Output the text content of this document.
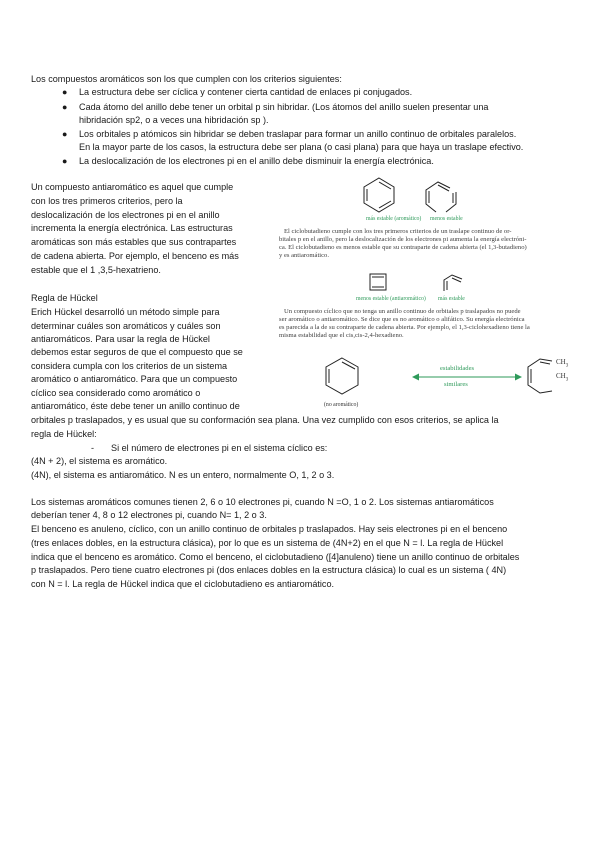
Los compuestos aromáticos son los que cumplen con los criterios siguientes:
● La estructura debe ser cíclica y contener cierta cantidad de enlaces pi conjugados.
● Cada átomo del anillo debe tener un orbital p sin hibridar. (Los átomos del anillo suelen presentar una
hibridación sp2, o a veces una hibridación sp ).
● Los orbitales p atómicos sin hibridar se deben traslapar para formar un anillo continuo de orbitales paralelos.
En la mayor parte de los casos, la estructura debe ser plana (o casi plana) para que haya un traslape efectivo.
● La deslocalización de los electrones pi en el anillo debe disminuir la energía electrónica.
Un compuesto antiaromático es aquel que cumple
con los tres primeros criterios, pero la
deslocalización de los electrones pi en el anillo
incrementa la energía electrónica. Las estructuras
aromáticas son más estables que sus contrapartes
de cadena abierta. Por ejemplo, el benceno es más
estable que el 1 ,3,5-hexatrieno.
Regla de Hückel
Erich Hückel desarrolló un método simple para
determinar cuáles son aromáticos y cuáles son
antiaromáticos. Para usar la regla de Hückel
debemos estar seguros de que el compuesto que se
considera cumpla con los criterios de un sistema
aromático o antiaromático. Para que un compuesto
cíclico sea considerado como aromático o
antiaromático, éste debe tener un anillo continuo de
orbitales p traslapados, y es usual que su conformación sea plana. Una vez cumplido con esos criterios, se aplica la
regla de Hückel:
- Si el número de electrones pi en el sistema cíclico es:
(4N + 2), el sistema es aromático.
(4N), el sistema es antiaromático. N es un entero, normalmente O, 1, 2 o 3.
Los sistemas aromáticos comunes tienen 2, 6 o 10 electrones pi, cuando N =O, 1 o 2. Los sistemas antiaromáticos
deberían tener 4, 8 o 12 electrones pi, cuando N= 1, 2 o 3.
El benceno es anuleno, cíclico, con un anillo continuo de orbitales p traslapados. Hay seis electrones pi en el benceno
(tres enlaces dobles, en la estructura clásica), por lo que es un sistema de (4N+2) en el que N = l. La regla de Hückel
indica que el benceno es aromático. Como el benceno, el ciclobutadieno ([4]anuleno) tiene un anillo continuo de orbitales
p traslapados. Pero tiene cuatro electrones pi (dos enlaces dobles en la estructura clásica) lo cual es un sistema ( 4N)
con N = l. La regla de Hückel indica que el ciclobutadieno es antiaromático.
más estable (aromático) menos estable
El ciclobutadieno cumple con los tres primeros criterios de un traslape continuo de or-
bitales p en el anillo, pero la deslocalización de los electrones pi aumenta la energía electróni-
ca. El ciclobutadieno es menos estable que su contraparte de cadena abierta (el 1,3-butadieno)
y es antiaromático.
menos estable (antiaromático) más estable
Un compuesto cíclico que no tenga un anillo continuo de orbitales p traslapados no puede
ser aromático o antiaromático. Se dice que es no aromático o alifático. Su energía electrónica
es parecida a la de su contraparte de cadena abierta. Por ejemplo, el 1,3-ciclohexadieno tiene la
misma estabilidad que el cis,cis-2,4-hexadieno.
(no aromático)
estabilidades
similares
$CH_3$
$CH_3$
